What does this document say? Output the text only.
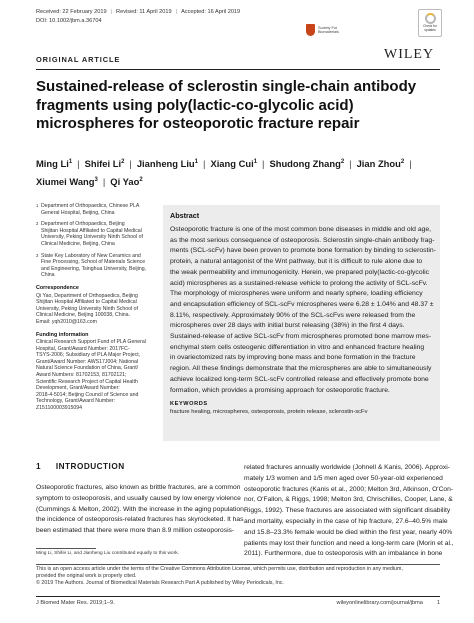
Received: 22 February 2019 | Revised: 11 April 2019 | Accepted: 16 April 2019
DOI: 10.1002/jbm.a.36704
Society For Biomaterials
Check for
updates
WILEY
ORIGINAL ARTICLE
Sustained-release of sclerostin single-chain antibody fragments using poly(lactic-co-glycolic acid) microspheres for osteoporotic fracture repair
Ming Li$^1$ | Shifei Li$^2$ | Jianheng Liu$^1$ | Xiang Cui$^1$ | Shudong Zhang$^2$ | Jian Zhou$^2$ |
Xiumei Wang$^3$ | Qi Yao$^2$
1 Department of Orthopaedics, Chinese PLA
General Hospital, Beijing, China
2 Department of Orthopaedics, Beijing
Shijitan Hospital Affiliated to Capital Medical
University, Peking University Ninth School of
Clinical Medicine, Beijing, China
3 State Key Laboratory of New Ceramics and
Fine Processing, School of Materials Science
and Engineering, Tsinghua University, Beijing,
China
Correspondence
Qi Yao, Department of Orthopaedics, Beijing
Shijitan Hospital Affiliated to Capital Medical
University, Peking University Ninth School of
Clinical Medicine, Beijing 100038, China.
Email: yqh2010@163.com
Funding information
Clinical Research Support Fund of PLA General
Hospital, Grant/Award Number: 2017FC-
TSYS-2006; Subsidiary of PLA Major Project,
Grant/Award Number: AWS17J004; National
Natural Science Foundation of China, Grant/
Award Numbers: 81702153, 81702121;
Scientific Research Project of Capital Health
Development, Grant/Award Number:
2018-4-5014; Beijing Council of Science and
Technology, Grant/Award Number:
Z151100003915094
Abstract
Osteoporotic fracture is one of the most common bone diseases in middle and old age,
as the most serious consequence of osteoporosis. Sclerostin single-chain antibody frag-
ments (SCL-scFv) have been proven to promote bone formation by binding to sclerostin-
protein, a natural antagonist of the Wnt pathway, but it is difficult to rule alone due to
the weak permeability and immunogenicity. Herein, we prepared poly(lactic-co-glycolic
acid) microspheres as a sustained-release vehicle to prolong the activity of SCL-scFv.
The morphology of microspheres were uniform and nearly sphere, loading efficiency
and encapsulation efficiency of SCL-scFv microspheres were 6.28 ± 1.04% and 48.37 ±
8.11%, respectively. Approximately 90% of the SCL-scFvs were released from the
microspheres over 28 days with initial burst releasing (38%) in the first 4 days.
Sustained-release of active SCL-scFv from microspheres promoted bone marrow mes-
enchymal stem cells osteogenic differentiation in vitro and enhanced fracture healing
in ovariectomized rats by improving bone mass and bone formation in the fracture
region. All these findings demonstrate that the microspheres are able to simultaneously
achieve localized long-term SCL-scFv controlled release and effectively promote bone
formation, which provides a promising approach for osteoporotic fracture.
KEYWORDS
fracture healing, microspheres, osteoporosis, protein release, sclerostin-scFv
1 INTRODUCTION
Osteoporotic fractures, also known as brittle fractures, are a common
symptom to osteoporosis, and usually caused by low energy violence
(Cummings & Melton, 2002). With the increase in the aging population,
the incidence of osteoporosis-related fractures has skyrocketed. It has
been estimated that there were more than 8.9 million osteoporosis-
related fractures annually worldwide (Johnell & Kanis, 2006). Approxi-
mately 1/3 women and 1/5 men aged over 50-year-old experienced
osteoporotic fractures (Kanis et al., 2000; Melton 3rd, Atkinson, O'Con-
nor, O'Fallon, & Riggs, 1998; Melton 3rd, Chrischilles, Cooper, Lane, &
Riggs, 1992). These fractures are associated with significant disability
and mortality, especially in the case of hip fracture, 27.6–40.5% male
and 15.8–23.3% female would be died within the first year, nearly 40%
patients may lost their function and need a long-term care (Morin et al.,
2011). Furthermore, due to osteoporosis with an imbalance in bone
Ming Li, Shifei Li, and Jianheng Liu contributed equally to this work.
This is an open access article under the terms of the Creative Commons Attribution License, which permits use, distribution and reproduction in any medium,
provided the original work is properly cited.
© 2019 The Authors. Journal of Biomedical Materials Research Part A published by Wiley Periodicals, Inc.
J Biomed Mater Res. 2019;1–9.	wileyonlinelibrary.com/journal/jbma	1
